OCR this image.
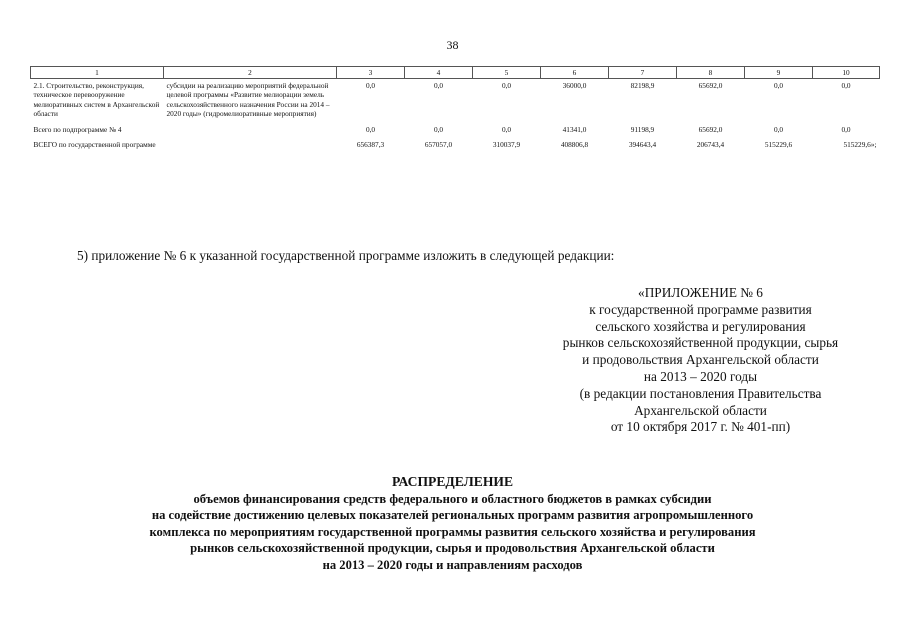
38
1	2	3	4	5	6	7	8	9	10
2.1. Строительство, реконструкция, техническое перевооружение мелиоративных систем в Архангельской области	субсидии на реализацию мероприятий федеральной целевой программы «Развитие мелиорации земель сельскохозяйственного назначения России на 2014 – 2020 годы» (гидромелиоративные мероприятия)	0,0	0,0	0,0	36000,0	82198,9	65692,0	0,0	0,0
Всего по подпрограмме № 4		0,0	0,0	0,0	41341,0	91198,9	65692,0	0,0	0,0
ВСЕГО по государственной программе		656387,3	657057,0	310037,9	408806,8	394643,4	206743,4	515229,6	515229,6»;
5) приложение № 6 к указанной государственной программе изложить в следующей редакции:
«ПРИЛОЖЕНИЕ № 6
к государственной программе развития
сельского хозяйства и регулирования
рынков сельскохозяйственной продукции, сырья
и продовольствия Архангельской области
на 2013 – 2020 годы
(в редакции постановления Правительства
Архангельской области
от 10 октября 2017 г. № 401-пп)
РАСПРЕДЕЛЕНИЕ
объемов финансирования средств федерального и областного бюджетов в рамках субсидии
на содействие достижению целевых показателей региональных программ развития агропромышленного
комплекса по мероприятиям государственной программы развития сельского хозяйства и регулирования
рынков сельскохозяйственной продукции, сырья и продовольствия Архангельской области
на 2013 – 2020 годы и направлениям расходов
